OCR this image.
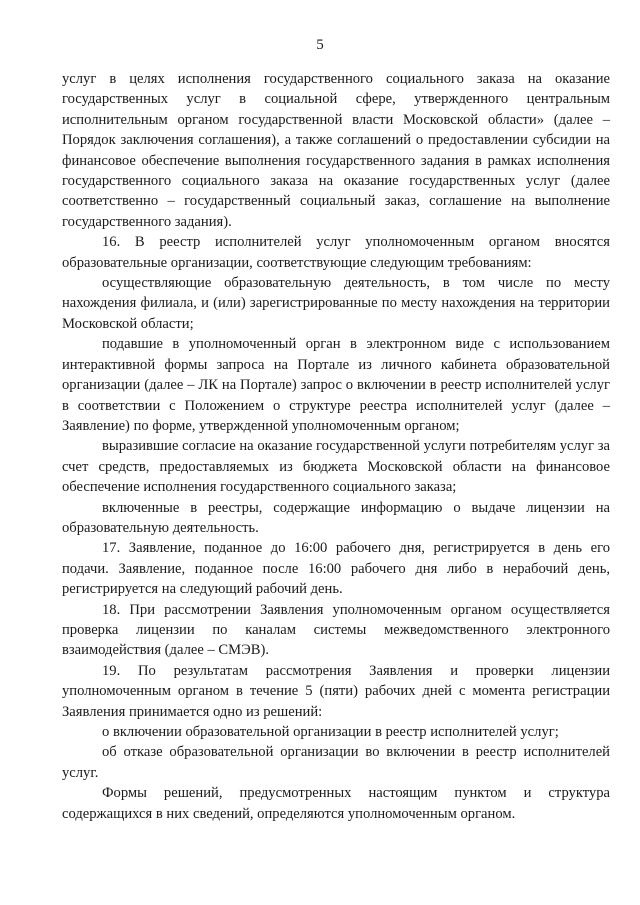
5

услуг в целях исполнения государственного социального заказа на оказание государственных услуг в социальной сфере, утвержденного центральным исполнительным органом государственной власти Московской области» (далее – Порядок заключения соглашения), а также соглашений о предоставлении субсидии на финансовое обеспечение выполнения государственного задания в рамках исполнения государственного социального заказа на оказание государственных услуг (далее соответственно – государственный социальный заказ, соглашение на выполнение государственного задания).

16. В реестр исполнителей услуг уполномоченным органом вносятся образовательные организации, соответствующие следующим требованиям:

осуществляющие образовательную деятельность, в том числе по месту нахождения филиала, и (или) зарегистрированные по месту нахождения на территории Московской области;

подавшие в уполномоченный орган в электронном виде с использованием интерактивной формы запроса на Портале из личного кабинета образовательной организации (далее – ЛК на Портале) запрос о включении в реестр исполнителей услуг в соответствии с Положением о структуре реестра исполнителей услуг (далее – Заявление) по форме, утвержденной уполномоченным органом;

выразившие согласие на оказание государственной услуги потребителям услуг за счет средств, предоставляемых из бюджета Московской области на финансовое обеспечение исполнения государственного социального заказа;

включенные в реестры, содержащие информацию о выдаче лицензии на образовательную деятельность.

17. Заявление, поданное до 16:00 рабочего дня, регистрируется в день его подачи. Заявление, поданное после 16:00 рабочего дня либо в нерабочий день, регистрируется на следующий рабочий день.

18. При рассмотрении Заявления уполномоченным органом осуществляется проверка лицензии по каналам системы межведомственного электронного взаимодействия (далее – СМЭВ).

19. По результатам рассмотрения Заявления и проверки лицензии уполномоченным органом в течение 5 (пяти) рабочих дней с момента регистрации Заявления принимается одно из решений:

о включении образовательной организации в реестр исполнителей услуг;

об отказе образовательной организации во включении в реестр исполнителей услуг.

Формы решений, предусмотренных настоящим пунктом и структура содержащихся в них сведений, определяются уполномоченным органом.
